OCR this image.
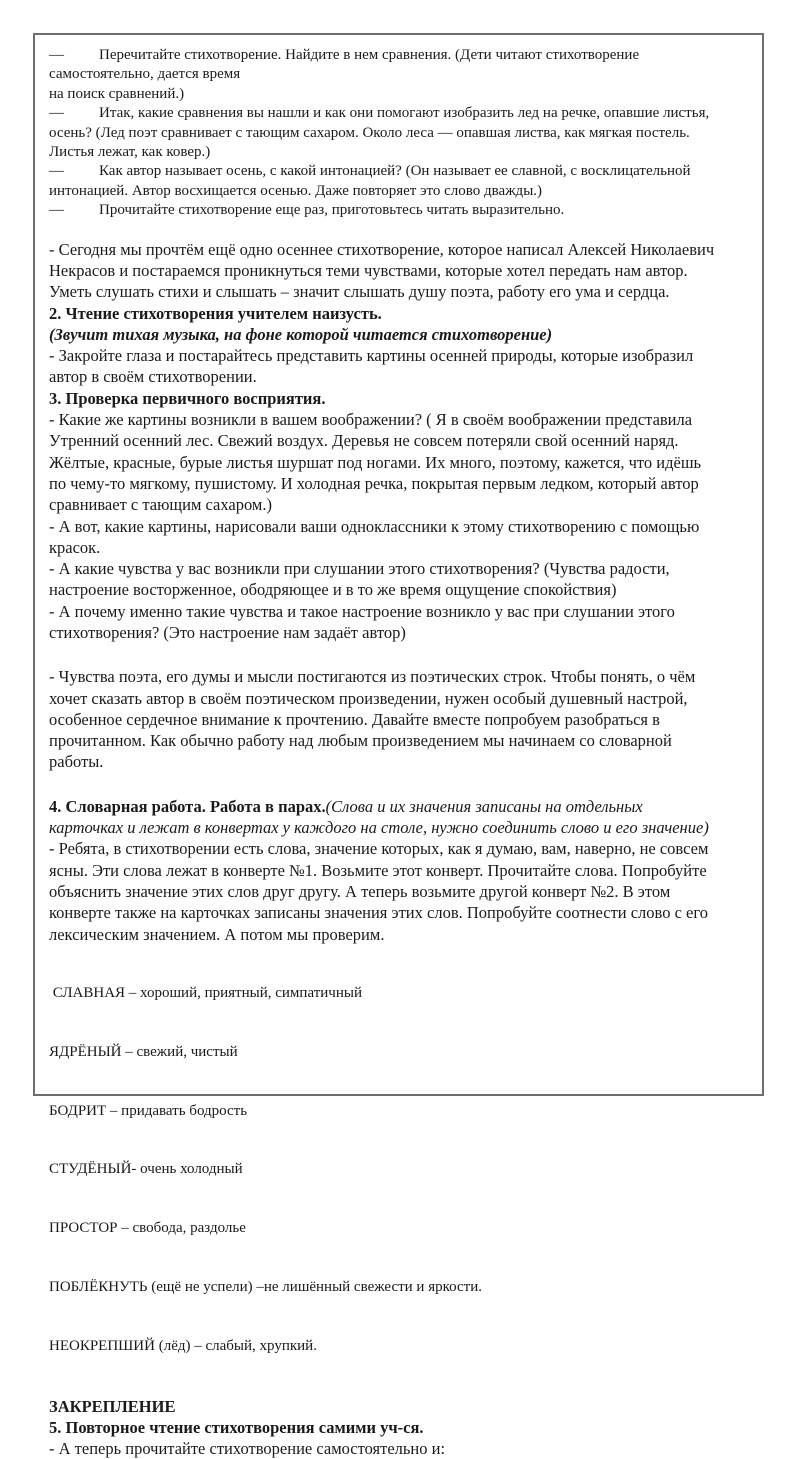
— Перечитайте стихотворение. Найдите в нем сравнения. (Дети читают стихотворение

самостоятельно, дается время

на поиск сравнений.)

— Итак, какие сравнения вы нашли и как они помогают изобразить лед на речке, опавшие листья,

осень? (Лед поэт сравнивает с тающим сахаром. Около леса — опавшая листва, как мягкая постель.

Листья лежат, как ковер.)

— Как автор называет осень, с какой интонацией? (Он называет ее славной, с восклицательной

интонацией. Автор восхищается осенью. Даже повторяет это слово дважды.)

— Прочитайте стихотворение еще раз, приготовьтесь читать выразительно.

- Сегодня мы прочтём ещё одно осеннее стихотворение, которое написал Алексей Николаевич

Некрасов и постараемся проникнуться теми чувствами, которые хотел передать нам автор.

Уметь слушать стихи и слышать – значит слышать душу поэта, работу его ума и сердца.

2. Чтение стихотворения учителем наизусть.

(Звучит тихая музыка, на фоне которой читается стихотворение)

- Закройте глаза и постарайтесь представить картины осенней природы, которые изобразил

автор в своём стихотворении.

3. Проверка первичного восприятия.

- Какие же картины возникли в вашем воображении? ( Я в своём воображении представила

Утренний осенний лес. Свежий воздух. Деревья не совсем потеряли свой осенний наряд.

Жёлтые, красные, бурые листья шуршат под ногами. Их много, поэтому, кажется, что идёшь

по чему-то мягкому, пушистому. И холодная речка, покрытая первым ледком, который автор

сравнивает с тающим сахаром.)

- А вот, какие картины, нарисовали ваши одноклассники к этому стихотворению с помощью

красок.

- А какие чувства у вас возникли при слушании этого стихотворения? (Чувства радости,

настроение восторженное, ободряющее и в то же время ощущение спокойствия)

- А почему именно такие чувства и такое настроение возникло у вас при слушании этого

стихотворения? (Это настроение нам задаёт автор)

- Чувства поэта, его думы и мысли постигаются из поэтических строк. Чтобы понять, о чём

хочет сказать автор в своём поэтическом произведении, нужен особый душевный настрой,

особенное сердечное внимание к прочтению. Давайте вместе попробуем разобраться в

прочитанном. Как обычно работу над любым произведением мы начинаем со словарной

работы.

4. Словарная работа. Работа в парах.(Слова и их значения записаны на отдельных

карточках и лежат в конвертах у каждого на столе, нужно соединить слово и его значение)

- Ребята, в стихотворении есть слова, значение которых, как я думаю, вам, наверно, не совсем

ясны. Эти слова лежат в конверте №1. Возьмите этот конверт. Прочитайте слова. Попробуйте

объяснить значение этих слов друг другу. А теперь возьмите другой конверт №2. В этом

конверте также на карточках записаны значения этих слов. Попробуйте соотнести слово с его

лексическим значением. А потом мы проверим.

СЛАВНАЯ – хороший, приятный, симпатичный

ЯДРЁНЫЙ – свежий, чистый

БОДРИТ – придавать бодрость

СТУДЁНЫЙ- очень холодный

ПРОСТОР – свобода, раздолье

ПОБЛЁКНУТЬ (ещё не успели) –не лишённый свежести и яркости.

НЕОКРЕПШИЙ (лёд) – слабый, хрупкий.

ЗАКРЕПЛЕНИЕ

5. Повторное чтение стихотворения самими уч-ся.

- А теперь прочитайте стихотворение самостоятельно и:
